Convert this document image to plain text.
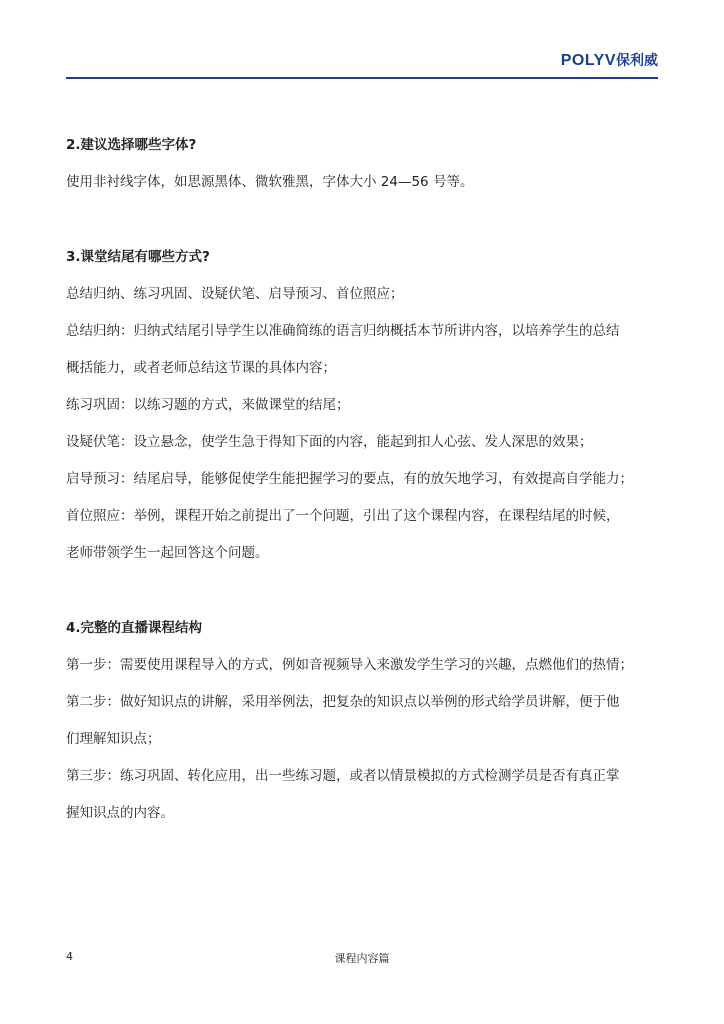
POLYV保利威

2.建议选择哪些字体?

使用非衬线字体，如思源黑体、微软雅黑，字体大小 24—56 号等。

3.课堂结尾有哪些方式?

总结归纳、练习巩固、设疑伏笔、启导预习、首位照应；

总结归纳：归纳式结尾引导学生以准确简练的语言归纳概括本节所讲内容，以培养学生的总结

概括能力，或者老师总结这节课的具体内容；

练习巩固：以练习题的方式，来做课堂的结尾；

设疑伏笔：设立悬念，使学生急于得知下面的内容，能起到扣人心弦、发人深思的效果；

启导预习：结尾启导，能够促使学生能把握学习的要点，有的放矢地学习，有效提高自学能力；

首位照应：举例，课程开始之前提出了一个问题，引出了这个课程内容，在课程结尾的时候，

老师带领学生一起回答这个问题。

4.完整的直播课程结构

第一步：需要使用课程导入的方式，例如音视频导入来激发学生学习的兴趣，点燃他们的热情；

第二步：做好知识点的讲解，采用举例法，把复杂的知识点以举例的形式给学员讲解，便于他

们理解知识点；

第三步：练习巩固、转化应用，出一些练习题，或者以情景模拟的方式检测学员是否有真正掌

握知识点的内容。

4	课程内容篇
